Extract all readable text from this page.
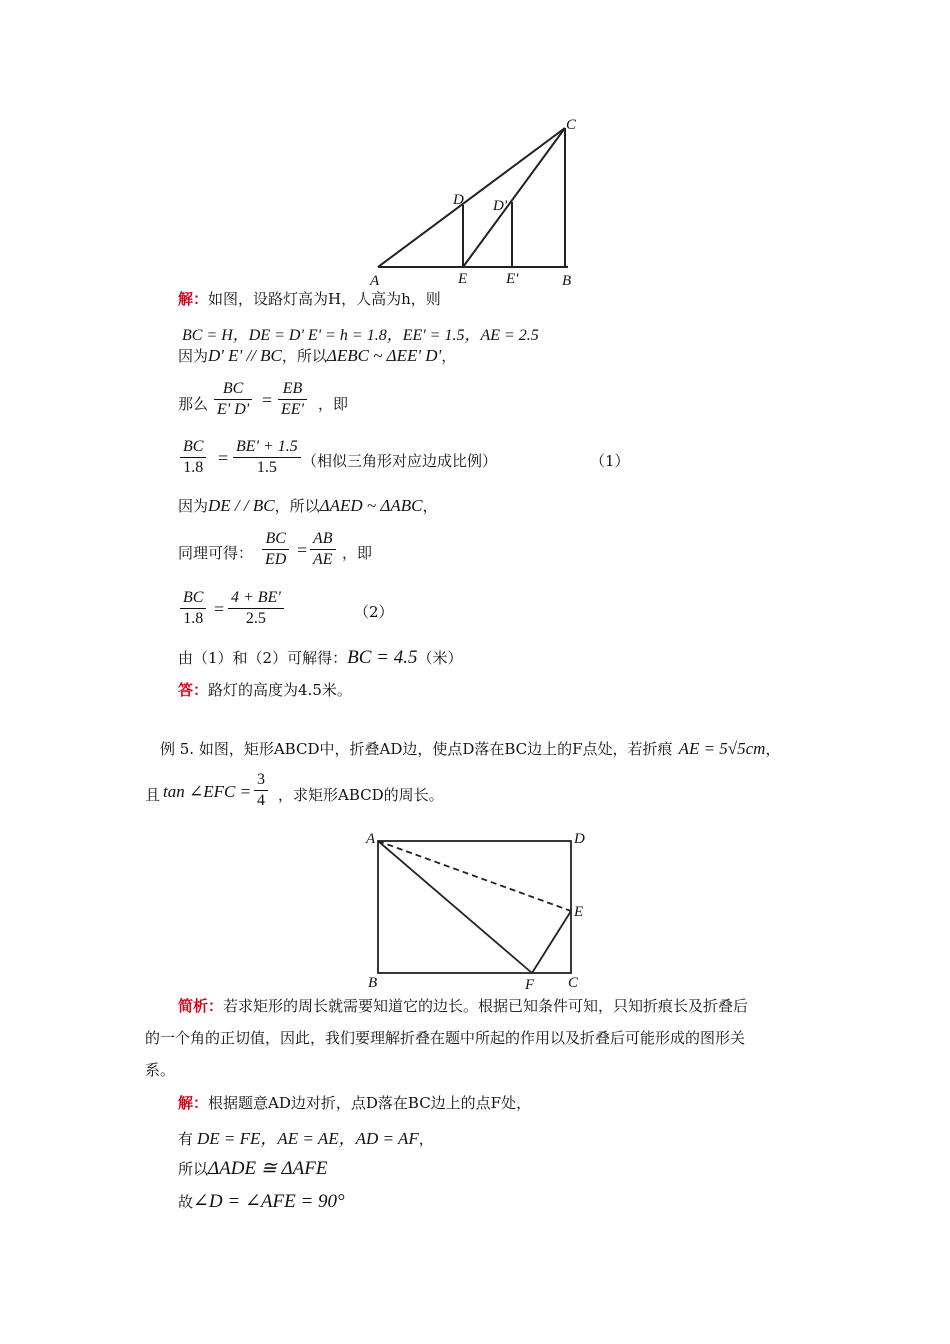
C
D D'
A	E	E'	B
解：如图，设路灯高为H，人高为h，则
BC = H，DE = D' E' = h = 1.8，EE' = 1.5，AE = 2.5
因为D' E' // BC，所以ΔEBC ~ ΔEE' D'，
那么 $\frac{BC}{E' D'} = \frac{EB}{EE'}$ ，即
$\frac{BC}{1.8} = \frac{BE' + 1.5}{1.5}$ （相似三角形对应边成比例）	（1）
因为DE / / BC，所以ΔAED ~ ΔABC，
同理可得： $\frac{BC}{ED} = \frac{AB}{AE}$ ，即
$\frac{BC}{1.8} = \frac{4 + BE'}{2.5}$	（2）
由（1）和（2）可解得：BC = 4.5（米）
答：路灯的高度为4.5米。
例 5. 如图，矩形ABCD中，折叠AD边，使点D落在BC边上的F点处，若折痕 AE = 5√5cm，
且 tan ∠EFC = $\frac{3}{4}$ ，求矩形ABCD的周长。
A	D
E
B	F C
简析：若求矩形的周长就需要知道它的边长。根据已知条件可知，只知折痕长及折叠后
的一个角的正切值，因此，我们要理解折叠在题中所起的作用以及折叠后可能形成的图形关
系。
解：根据题意AD边对折，点D落在BC边上的点F处，
有 DE = FE，AE = AE，AD = AF，
所以ΔADE ≅ ΔAFE
故∠D = ∠AFE = 90°
